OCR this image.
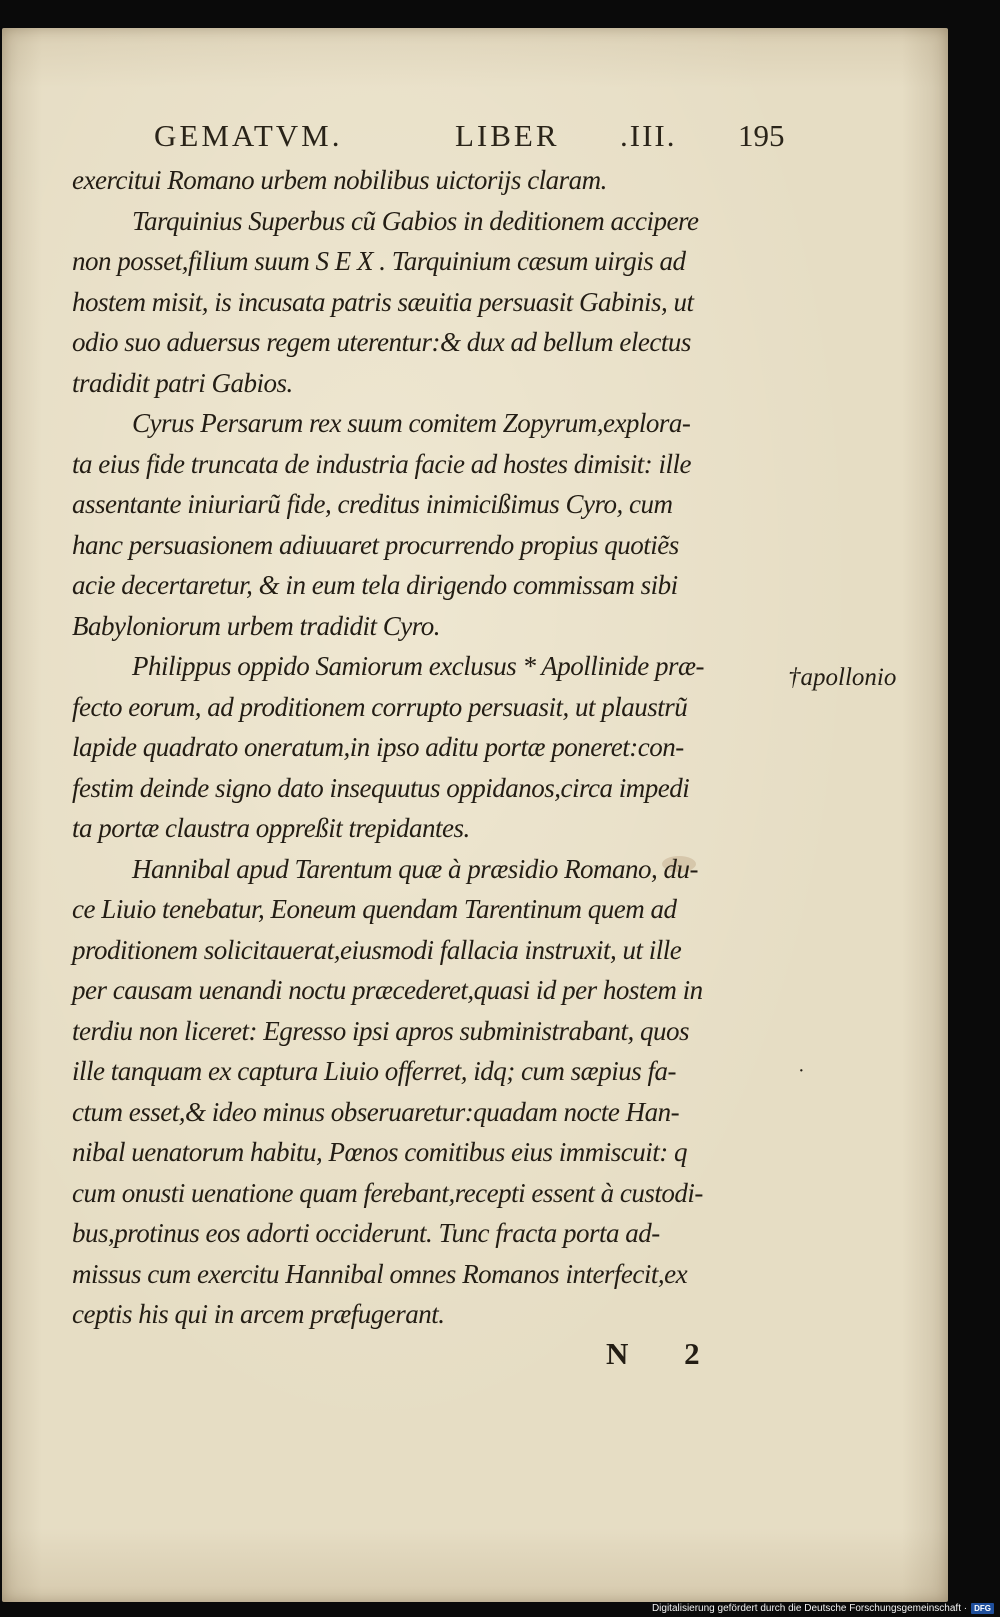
GEMATVM.	LIBER .III. 195
exercitui Romano urbem nobilibus uictorijs claram.
Tarquinius Superbus cũ Gabios in deditionem accipere
non posset,filium suum S E X . Tarquinium cæsum uirgis ad
hostem misit, is incusata patris sæuitia persuasit Gabinis, ut
odio suo aduersus regem uterentur:& dux ad bellum electus
tradidit patri Gabios.
Cyrus Persarum rex suum comitem Zopyrum,explora-
ta eius fide truncata de industria facie ad hostes dimisit: ille
assentante iniuriarũ fide, creditus inimicißimus Cyro, cum
hanc persuasionem adiuuaret procurrendo propius quotiẽs
acie decertaretur, & in eum tela dirigendo commissam sibi
Babyloniorum urbem tradidit Cyro.
Philippus oppido Samiorum exclusus * Apollinide præ-
fecto eorum, ad proditionem corrupto persuasit, ut plaustrũ
lapide quadrato oneratum,in ipso aditu portæ poneret:con-
festim deinde signo dato insequutus oppidanos,circa impedi
ta portæ claustra oppreßit trepidantes.
Hannibal apud Tarentum quæ à præsidio Romano, du-
ce Liuio tenebatur, Eoneum quendam Tarentinum quem ad
proditionem solicitauerat,eiusmodi fallacia instruxit, ut ille
per causam uenandi noctu præcederet,quasi id per hostem in
terdiu non liceret: Egresso ipsi apros subministrabant, quos
ille tanquam ex captura Liuio offerret, idq; cum sæpius fa-
ctum esset,& ideo minus obseruaretur:quadam nocte Han-
nibal uenatorum habitu, Pœnos comitibus eius immiscuit: q
cum onusti uenatione quam ferebant,recepti essent à custodi-
bus,protinus eos adorti occiderunt. Tunc fracta porta ad-
missus cum exercitu Hannibal omnes Romanos interfecit,ex
ceptis his qui in arcem præfugerant.
†apollonio
·
N 2
Digitalisierung gefördert durch die Deutsche Forschungsgemeinschaft · DFG
